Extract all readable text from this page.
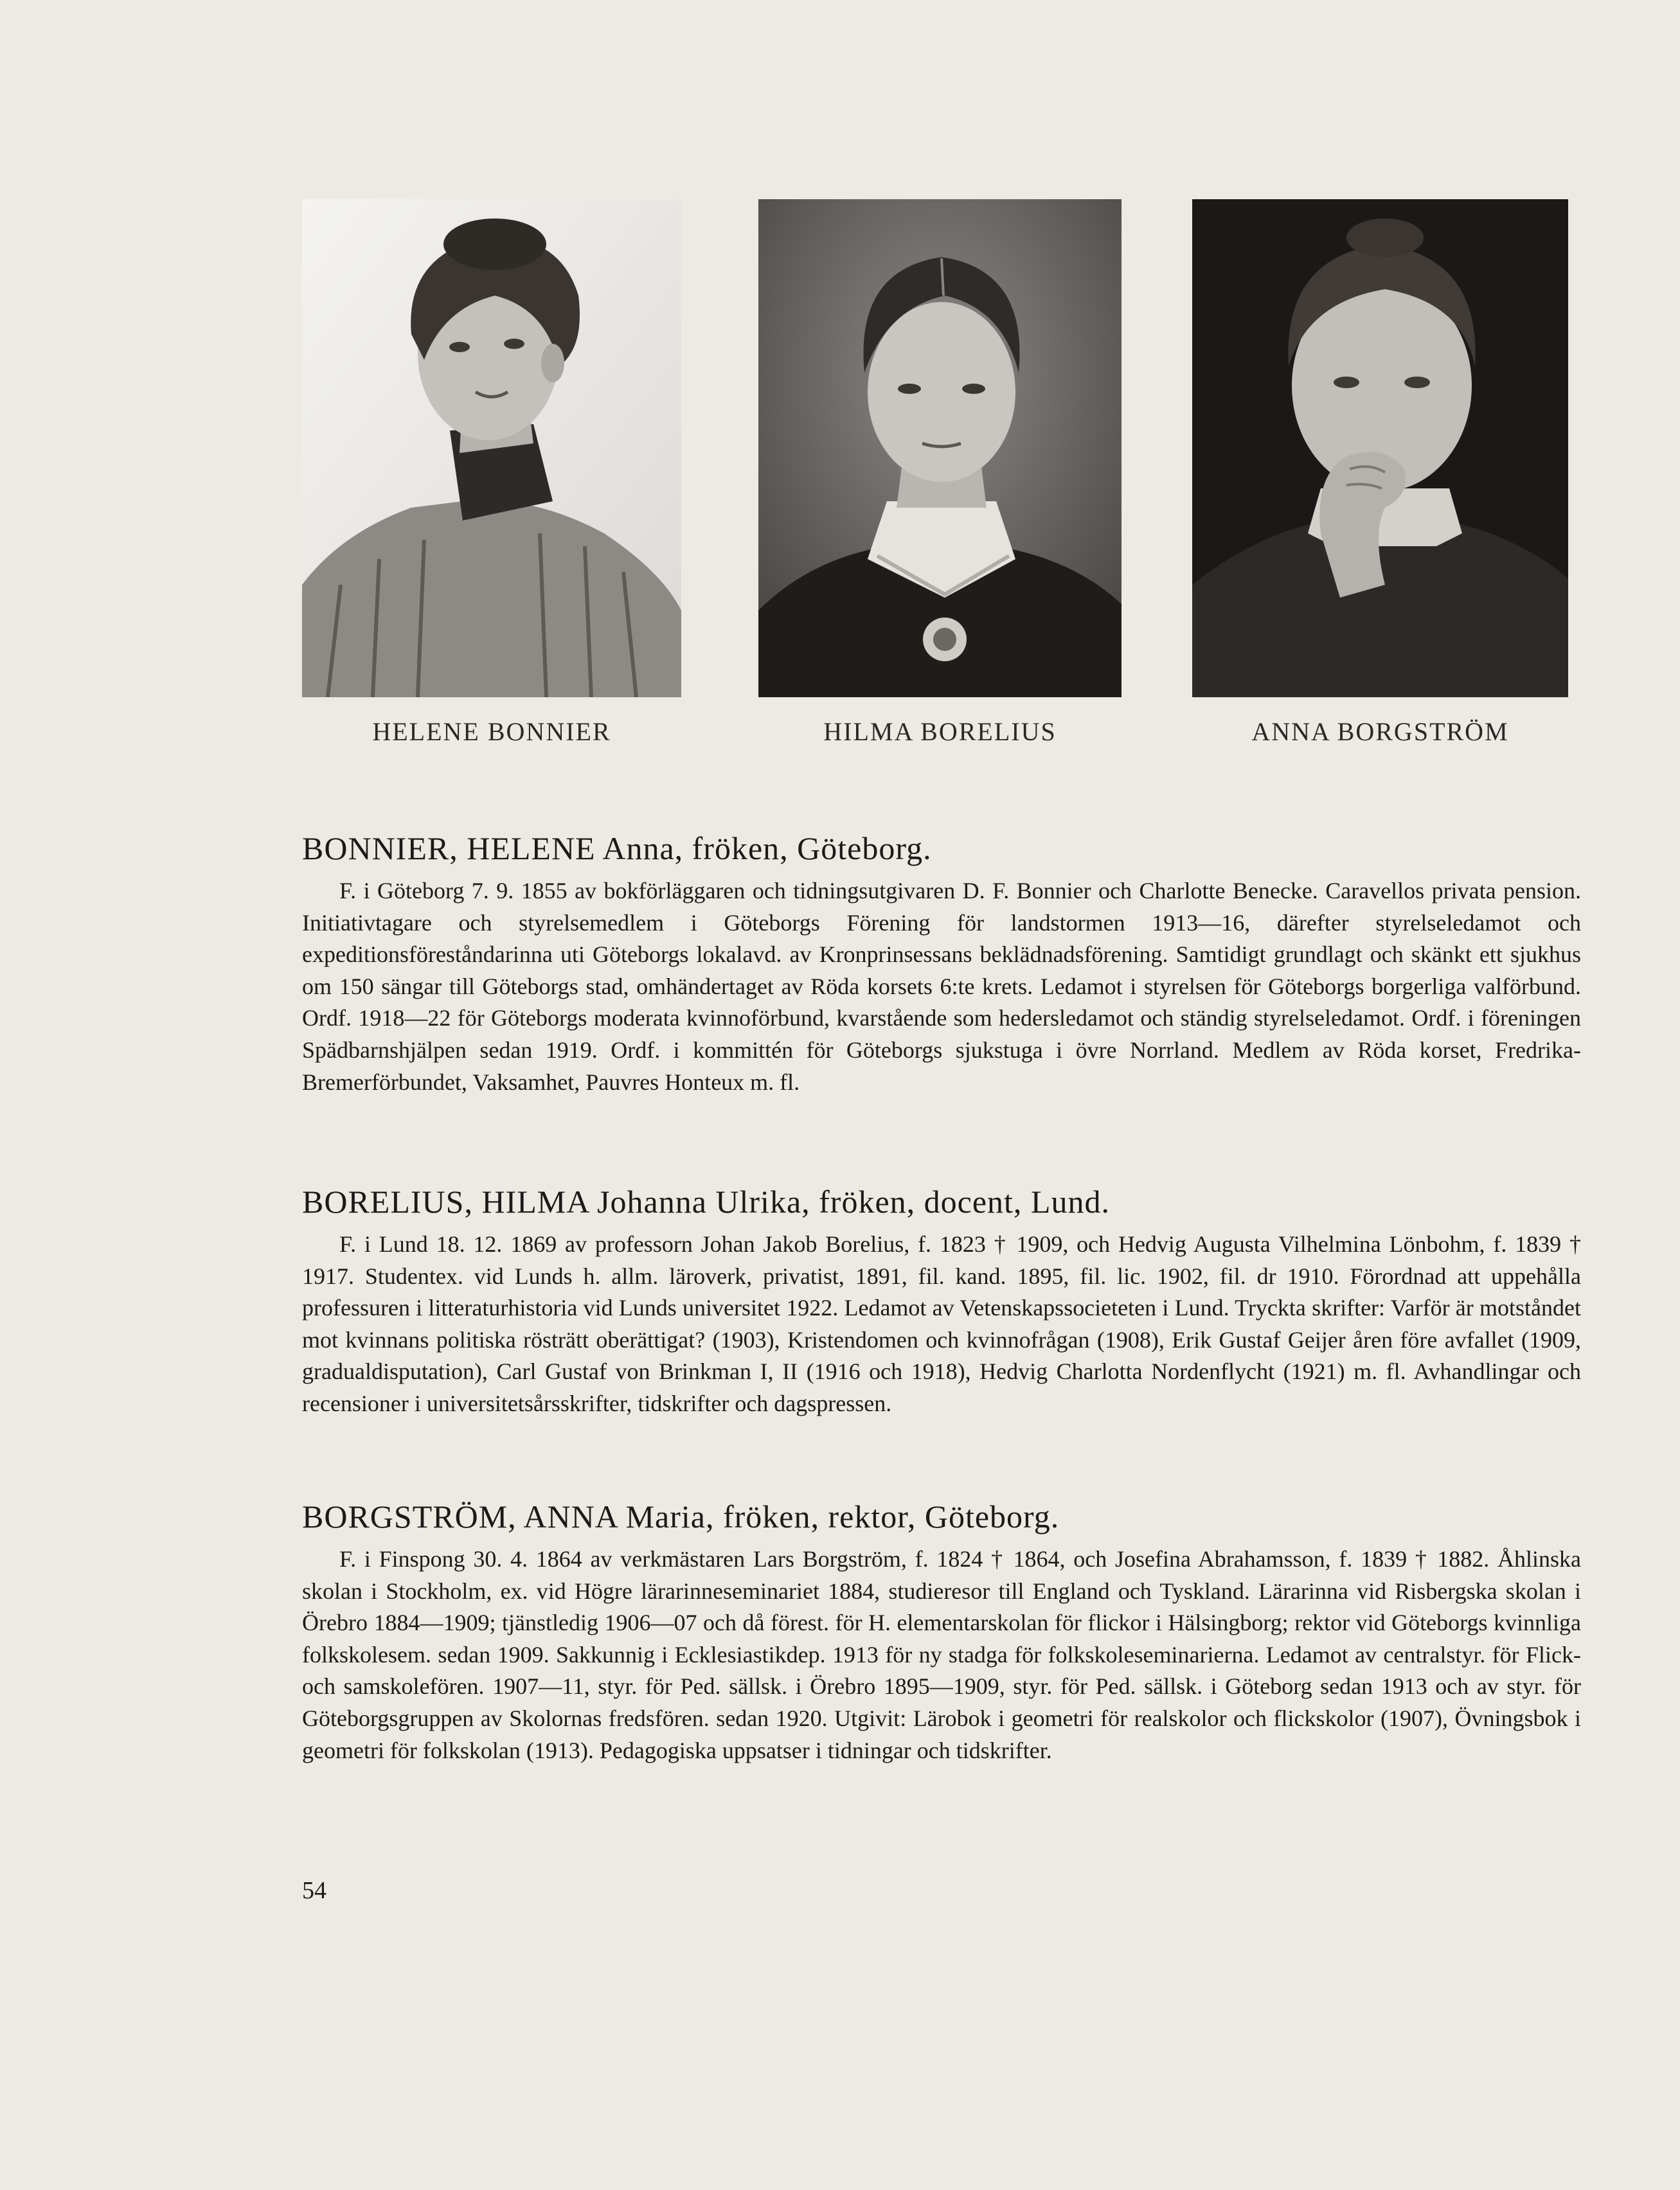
HELENE BONNIER	HILMA BORELIUS	ANNA BORGSTRÖM
BONNIER, HELENE Anna, fröken, Göteborg.

F. i Göteborg 7. 9. 1855 av bokförläggaren och tidningsutgivaren D. F. Bonnier och Charlotte Benecke. Caravellos privata pension. Initiativtagare och styrelsemedlem i Göteborgs Förening för landstormen 1913—16, därefter styrelseledamot och expeditionsföreståndarinna uti Göteborgs lokalavd. av Kronprinsessans beklädnadsförening. Samtidigt grundlagt och skänkt ett sjukhus om 150 sängar till Göteborgs stad, omhändertaget av Röda korsets 6:te krets. Ledamot i styrelsen för Göteborgs borgerliga valförbund. Ordf. 1918—22 för Göteborgs moderata kvinnoförbund, kvarstående som hedersledamot och ständig styrelseledamot. Ordf. i föreningen Spädbarnshjälpen sedan 1919. Ordf. i kommittén för Göteborgs sjukstuga i övre Norrland. Medlem av Röda korset, Fredrika-Bremerförbundet, Vaksamhet, Pauvres Honteux m. fl.

BORELIUS, HILMA Johanna Ulrika, fröken, docent, Lund.

F. i Lund 18. 12. 1869 av professorn Johan Jakob Borelius, f. 1823 † 1909, och Hedvig Augusta Vilhelmina Lönbohm, f. 1839 † 1917. Studentex. vid Lunds h. allm. läroverk, privatist, 1891, fil. kand. 1895, fil. lic. 1902, fil. dr 1910. Förordnad att uppehålla professuren i litteraturhistoria vid Lunds universitet 1922. Ledamot av Vetenskapssocieteten i Lund. Tryckta skrifter: Varför är motståndet mot kvinnans politiska rösträtt oberättigat? (1903), Kristendomen och kvinnofrågan (1908), Erik Gustaf Geijer åren före avfallet (1909, gradualdisputation), Carl Gustaf von Brinkman I, II (1916 och 1918), Hedvig Charlotta Nordenflycht (1921) m. fl. Avhandlingar och recensioner i universitetsårsskrifter, tidskrifter och dagspressen.

BORGSTRÖM, ANNA Maria, fröken, rektor, Göteborg.

F. i Finspong 30. 4. 1864 av verkmästaren Lars Borgström, f. 1824 † 1864, och Josefina Abrahamsson, f. 1839 † 1882. Åhlinska skolan i Stockholm, ex. vid Högre lärarinneseminariet 1884, studieresor till England och Tyskland. Lärarinna vid Risbergska skolan i Örebro 1884—1909; tjänstledig 1906—07 och då förest. för H. elementarskolan för flickor i Hälsingborg; rektor vid Göteborgs kvinnliga folkskolesem. sedan 1909. Sakkunnig i Ecklesiastikdep. 1913 för ny stadga för folkskoleseminarierna. Ledamot av centralstyr. för Flick- och samskolefören. 1907—11, styr. för Ped. sällsk. i Örebro 1895—1909, styr. för Ped. sällsk. i Göteborg sedan 1913 och av styr. för Göteborgsgruppen av Skolornas fredsfören. sedan 1920. Utgivit: Lärobok i geometri för realskolor och flickskolor (1907), Övningsbok i geometri för folkskolan (1913). Pedagogiska uppsatser i tidningar och tidskrifter.

54
